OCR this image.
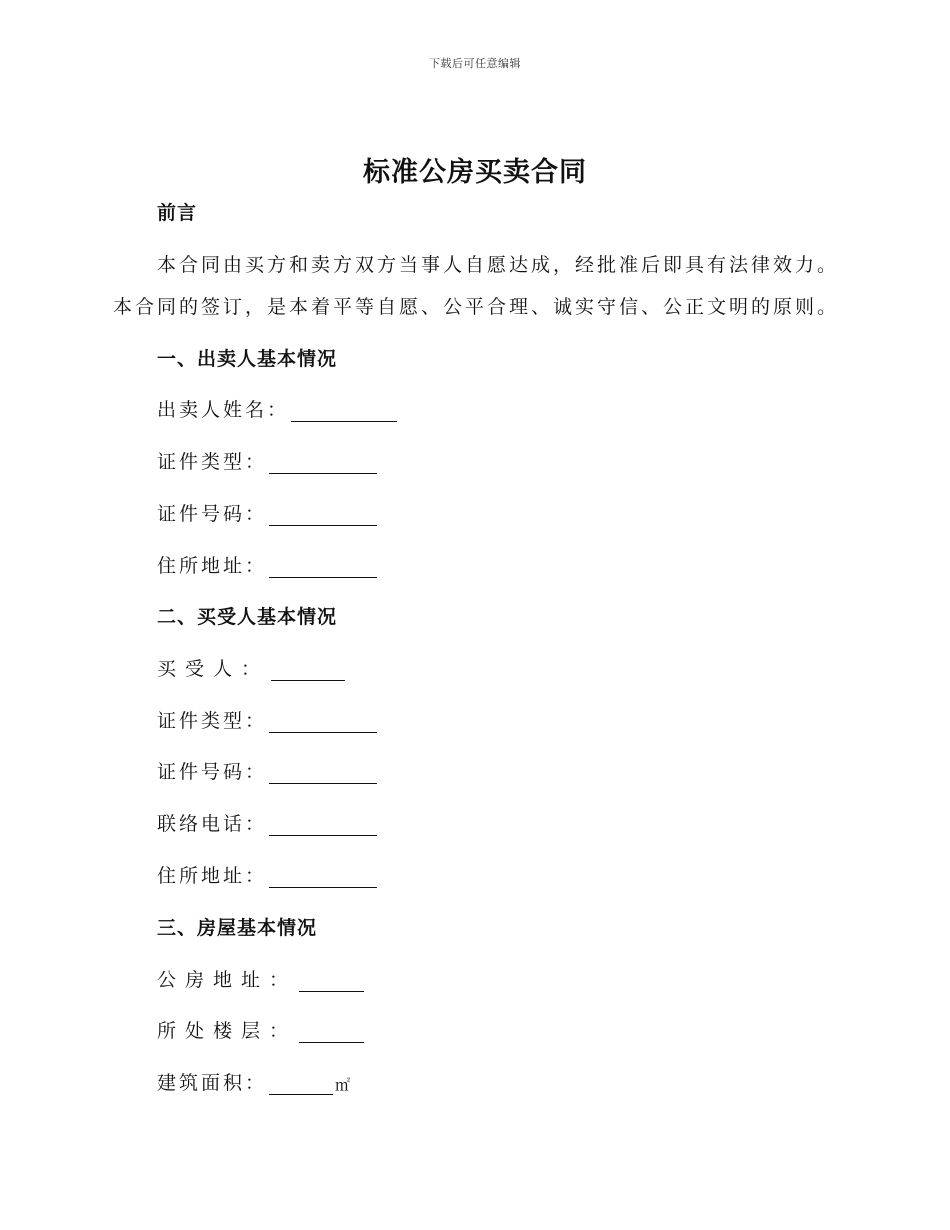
下载后可任意编辑
标准公房买卖合同
前言
本合同由买方和卖方双方当事人自愿达成，经批准后即具有法律效力。
本合同的签订，是本着平等自愿、公平合理、诚实守信、公正文明的原则。
一、出卖人基本情况
出卖人姓名：
证件类型：
证件号码：
住所地址：
二、买受人基本情况
买受人：
证件类型：
证件号码：
联络电话：
住所地址：
三、房屋基本情况
公房地址：
所处楼层：
建筑面积：	㎡
